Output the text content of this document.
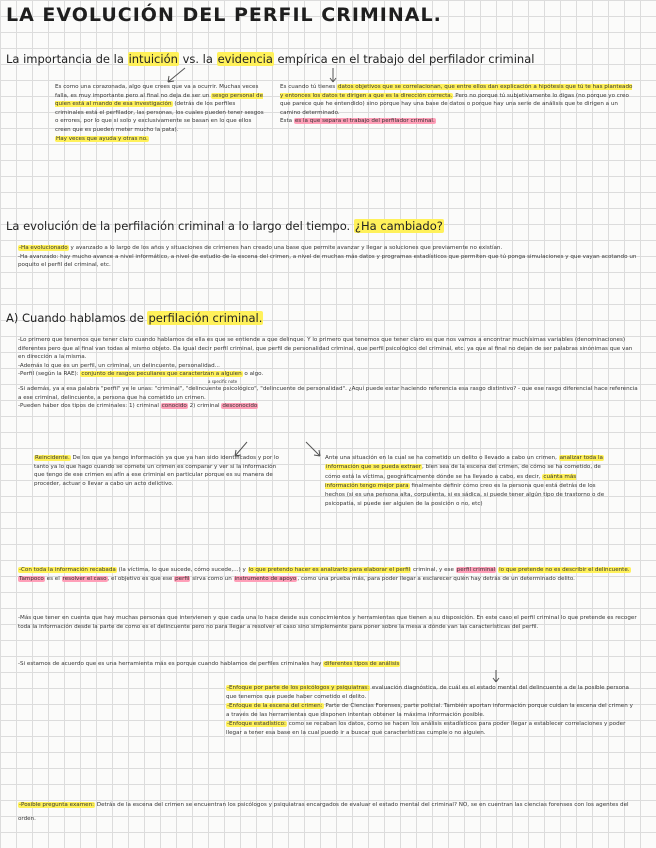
LA EVOLUCIÓN DEL PERFIL CRIMINAL.
La importancia de la intuición vs. la evidencia empírica en el trabajo del perfilador criminal

Es como una corazonada, algo que crees que va a ocurrir. Muchas veces falla, es muy importante pero al final no deja de ser un sesgo personal de quien está al mando de esa investigación (detrás de los perfiles criminales está el perfilador, las personas, los cuales pueden tener sesgos o errores, por lo que si solo y exclusivamente se basan en lo que ellos creen que es pueden meter mucho la pata).

Hay veces que ayuda y otras no.

Es cuando tú tienes datos objetivos que se correlacionan, que entre ellos dan explicación a hipótesis que tú te has planteado y entonces los datos te dirigen a que es la dirección correcta. Pero no porque tú subjetivamente lo digas (no porque yo creo que parece que he entendido) sino porque hay una base de datos o porque hay una serie de análisis que te dirigen a un camino determinado.

Esta es la que separa el trabajo del perfilador criminal.

La evolución de la perfilación criminal a lo largo del tiempo. ¿Ha cambiado?

-Ha evolucionado y avanzado a lo largo de los años y situaciones de crímenes han creado una base que permite avanzar y llegar a soluciones que previamente no existían.

-Ha avanzado: hay mucho avance a nivel informático, a nivel de estudio de la escena del crimen, a nivel de muchas más datos y programas estadísticos que permiten que tú ponga simulaciones y que vayan acotando un poquito el perfil del criminal, etc.

A) Cuando hablamos de perfilación criminal.

-Lo primero que tenemos que tener claro cuando hablamos de ella es que se entiende a que delinque. Y lo primero que tenemos que tener claro es que nos vamos a encontrar muchísimas variables (denominaciones) diferentes pero que al final van todas al mismo objeto. Da igual decir perfil criminal, que perfil de personalidad criminal, que perfil psicológico del criminal, etc. ya que al final no dejan de ser palabras sinónimas que van en dirección a la misma.

-Además lo que es un perfil, un criminal, un delincuente, personalidad...

-Perfil (según la RAE): conjunto de rasgos peculiares que caracterizan a alguien o algo.

a specific note

-Si además, ya a esa palabra "perfil" ye le unas: "criminal", "delincuente psicológico", "delincuente de personalidad". ¿Aquí puede estar haciendo referencia esa rasgo distintivo? - que ese rasgo diferencial hace referencia a ese criminal, delincuente, a persona que ha cometido un crimen.

-Pueden haber dos tipos de criminales: 1) criminal conocido 2) criminal desconocido

Reincidente. De los que ya tengo información ya que ya han sido identificados y por lo tanto ya lo que hago cuando se comete un crimen es comparar y ver si la información que tengo de ese crimen es afín a ese criminal en particular porque es su manera de proceder, actuar o llevar a cabo un acto delictivo.

Ante una situación en la cual se ha cometido un delito o llevado a cabo un crimen, analizar toda la información que se pueda extraer, bien sea de la escena del crimen, de cómo se ha cometido, de cómo está la víctima, geográficamente dónde se ha llevado a cabo, es decir, cuánta más información tengo mejor para finalmente definir cómo creo es la persona que está detrás de los hechos (si es una persona alta, corpulenta, si es sádica, si puede tener algún tipo de trastorno o de psicopatía, si puede ser alguien de la posición o no, etc)

-Con toda la información recabada (la víctima, lo que sucede, cómo sucede,...) y lo que pretendo hacer es analizarlo para elaborar el perfil criminal, y ese perfil criminal lo que pretende no es describir el delincuente. Tampoco es el resolver el caso, el objetivo es que ese perfil sirva como un instrumento de apoyo, como una prueba más, para poder llegar a esclarecer quién hay detrás de un determinado delito.

-Más que tener en cuenta que hay muchas personas que intervienen y que cada una lo hace desde sus conocimientos y herramientas que tienen a su disposición. En este caso el perfil criminal lo que pretende es recoger toda la información desde la parte de como es el delincuente pero no para llegar a resolver el caso sino simplemente para poner sobre la mesa a dónde van las características del perfil.

-Si estamos de acuerdo que es una herramienta más es porque cuando hablamos de perfiles criminales hay diferentes tipos de análisis

-Enfoque por parte de los psicólogos y psiquiatras: evaluación diagnóstica, de cuál es el estado mental del delincuente a de la posible persona que tenemos que puede haber cometido el delito.

-Enfoque de la escena del crimen: Parte de Ciencias Forenses, parte policial. También aportan información porque cuidan la escena del crimen y a través de las herramientas que disponen intentan obtener la máxima información posible.

-Enfoque estadístico: como se recaban los datos, como se hacen los análisis estadísticos para poder llegar a establecer correlaciones y poder llegar a tener esa base en la cual puedo ir a buscar qué características cumple o no alguien.

-Posible pregunta examen: Detrás de la escena del crimen se encuentran los psicólogos y psiquiatras encargados de evaluar el estado mental del criminal? NO, se en cuentran las ciencias forenses con los agentes del orden.
